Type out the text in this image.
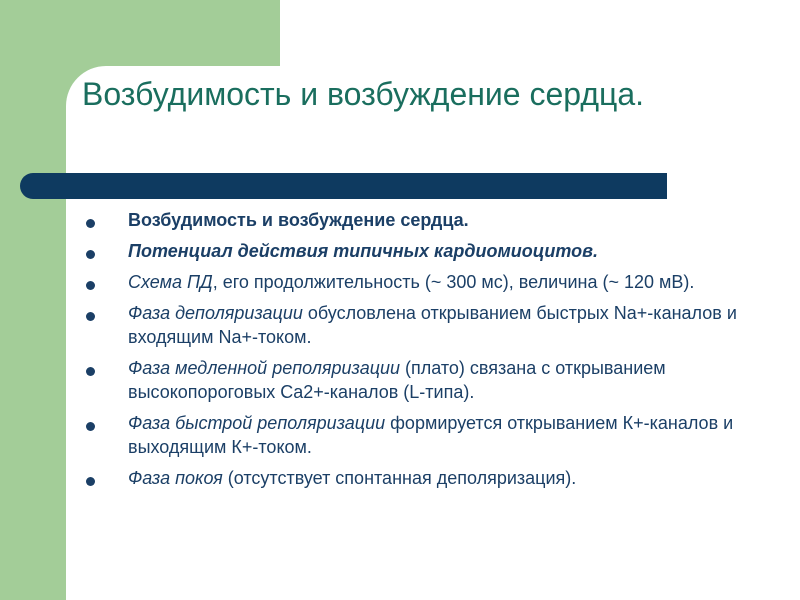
Возбудимость и возбуждение сердца.
Возбудимость и возбуждение сердца.
Потенциал действия типичных кардиомиоцитов.
Схема ПД, его продолжительность (~ 300 мс), величина (~ 120 мВ).
Фаза деполяризации обусловлена открыванием быстрых Na+-каналов и входящим Na+-током.
Фаза медленной реполяризации (плато) связана с открыванием высокопороговых Ca2+-каналов (L-типа).
Фаза быстрой реполяризации формируется открыванием К+-каналов и выходящим К+-током.
Фаза покоя (отсутствует спонтанная деполяризация).
